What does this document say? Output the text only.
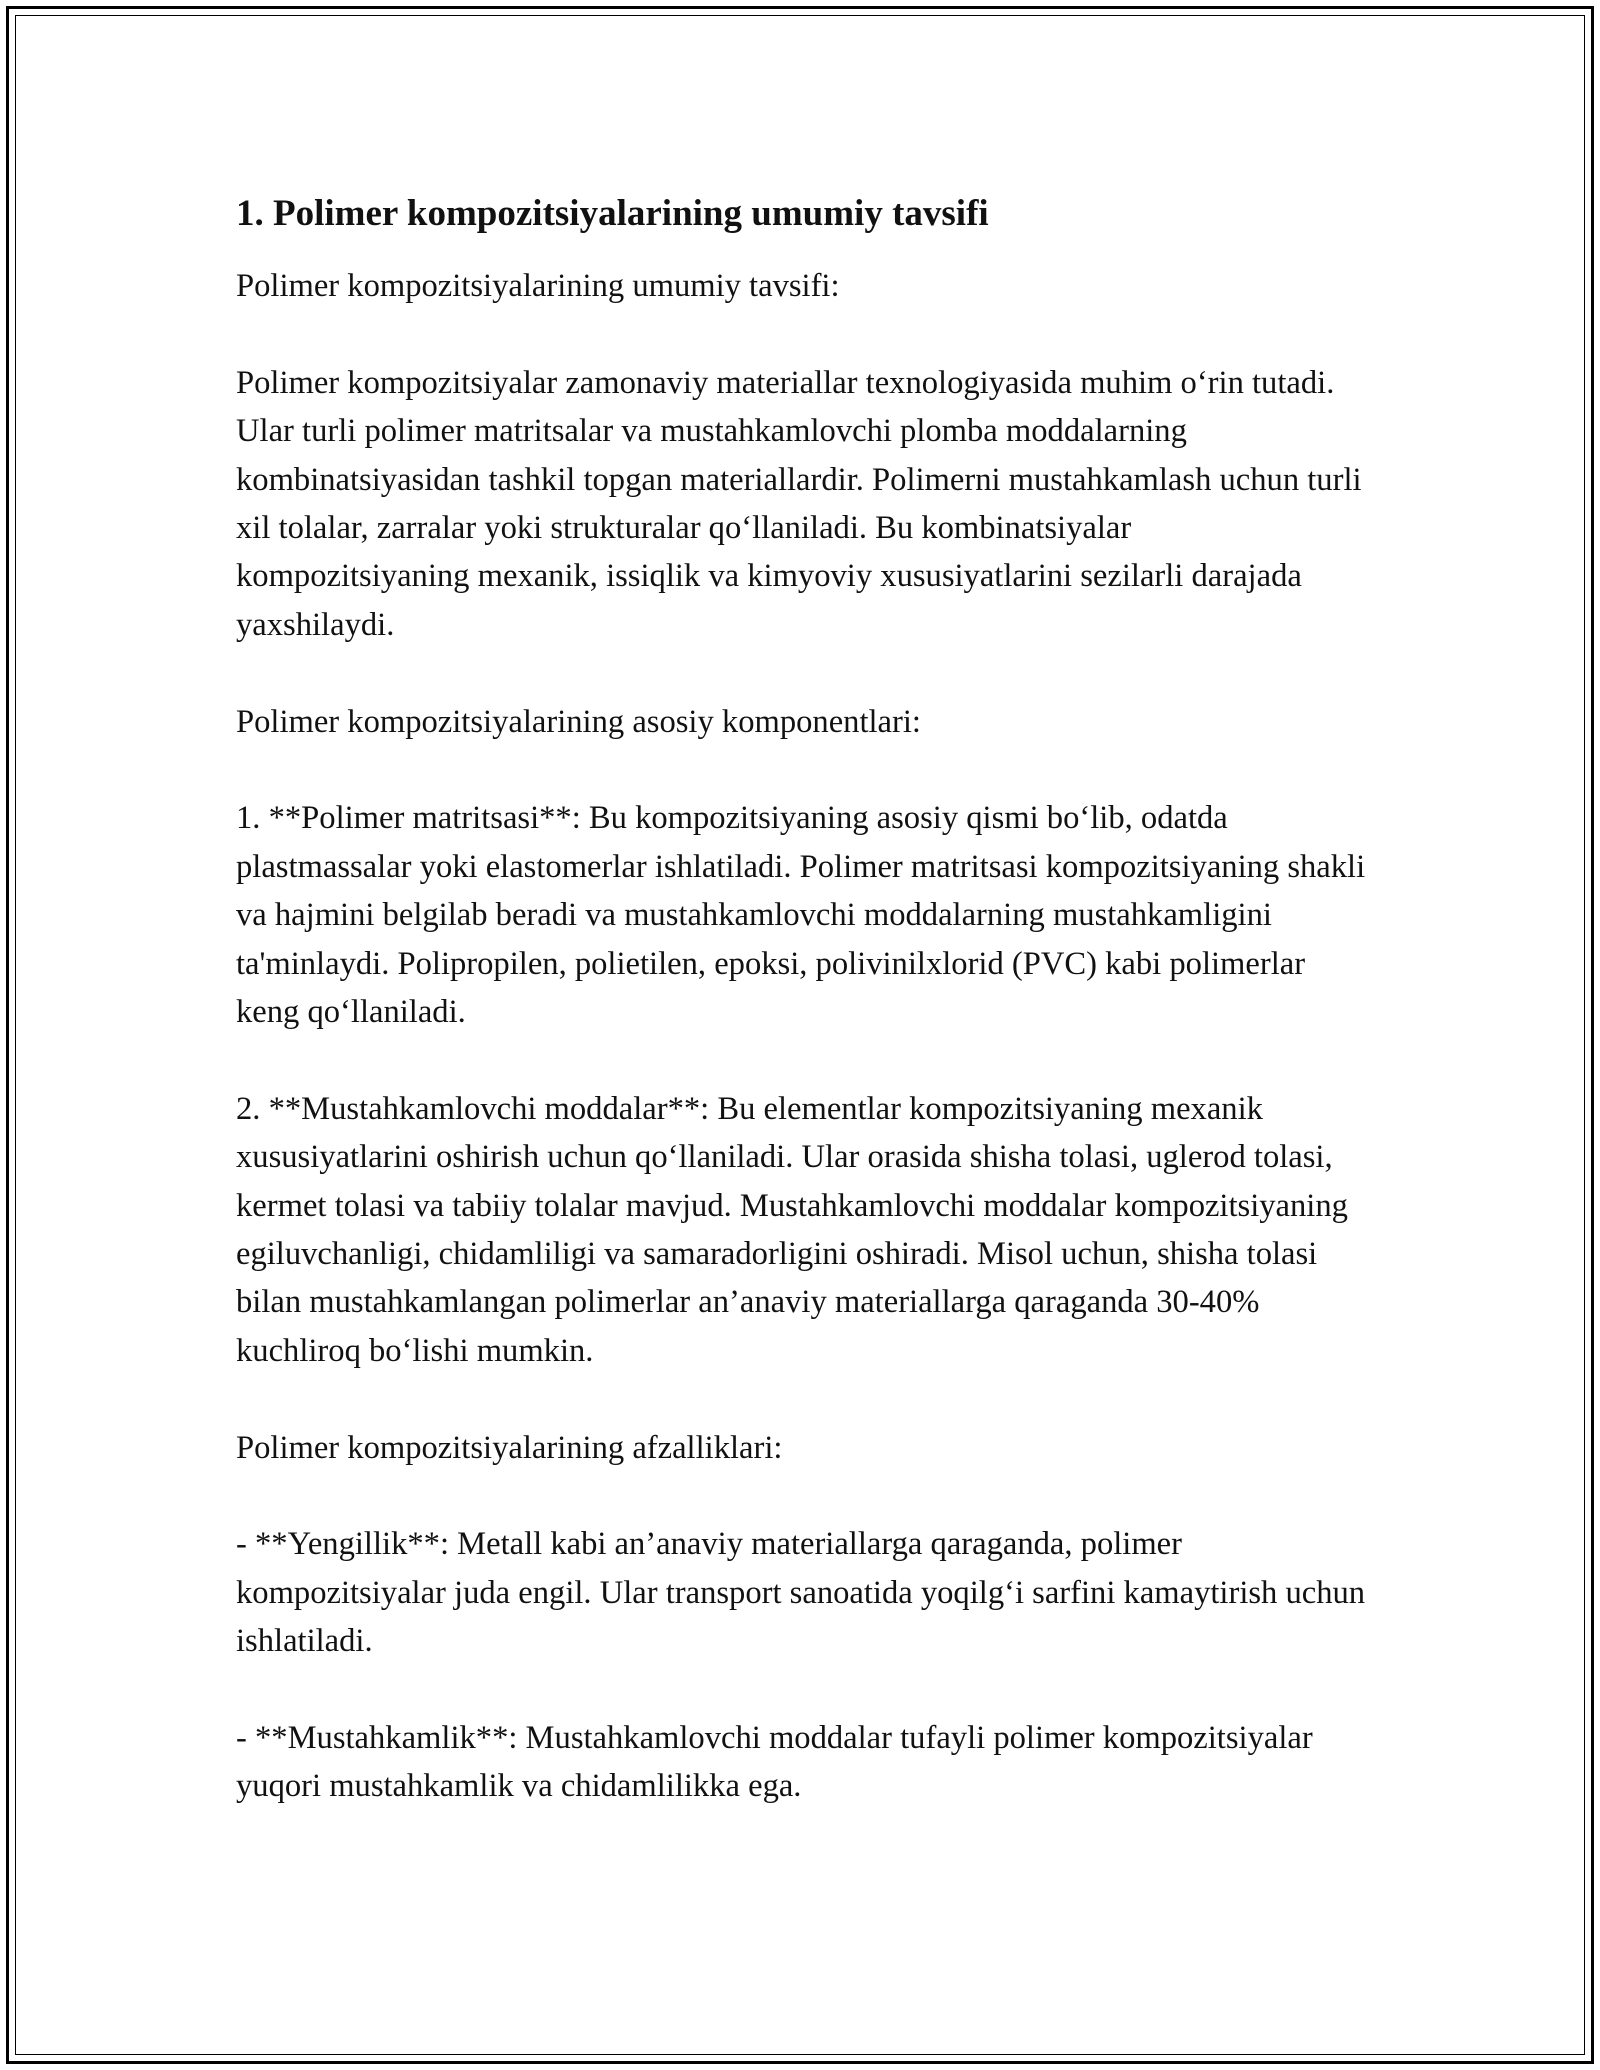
1. Polimer kompozitsiyalarining umumiy tavsifi

Polimer kompozitsiyalarining umumiy tavsifi:

Polimer kompozitsiyalar zamonaviy materiallar texnologiyasida muhim o‘rin tutadi. Ular turli polimer matritsalar va mustahkamlovchi plomba moddalarning kombinatsiyasidan tashkil topgan materiallardir. Polimerni mustahkamlash uchun turli xil tolalar, zarralar yoki strukturalar qo‘llaniladi. Bu kombinatsiyalar kompozitsiyaning mexanik, issiqlik va kimyoviy xususiyatlarini sezilarli darajada yaxshilaydi.

Polimer kompozitsiyalarining asosiy komponentlari:

1. **Polimer matritsasi**: Bu kompozitsiyaning asosiy qismi bo‘lib, odatda plastmassalar yoki elastomerlar ishlatiladi. Polimer matritsasi kompozitsiyaning shakli va hajmini belgilab beradi va mustahkamlovchi moddalarning mustahkamligini ta'minlaydi. Polipropilen, polietilen, epoksi, polivinilxlorid (PVC) kabi polimerlar keng qo‘llaniladi.

2. **Mustahkamlovchi moddalar**: Bu elementlar kompozitsiyaning mexanik xususiyatlarini oshirish uchun qo‘llaniladi. Ular orasida shisha tolasi, uglerod tolasi, kermet tolasi va tabiiy tolalar mavjud. Mustahkamlovchi moddalar kompozitsiyaning egiluvchanligi, chidamliligi va samaradorligini oshiradi. Misol uchun, shisha tolasi bilan mustahkamlangan polimerlar an’anaviy materiallarga qaraganda 30-40% kuchliroq bo‘lishi mumkin.

Polimer kompozitsiyalarining afzalliklari:

- **Yengillik**: Metall kabi an’anaviy materiallarga qaraganda, polimer kompozitsiyalar juda engil. Ular transport sanoatida yoqilg‘i sarfini kamaytirish uchun ishlatiladi.

- **Mustahkamlik**: Mustahkamlovchi moddalar tufayli polimer kompozitsiyalar yuqori mustahkamlik va chidamlilikka ega.
